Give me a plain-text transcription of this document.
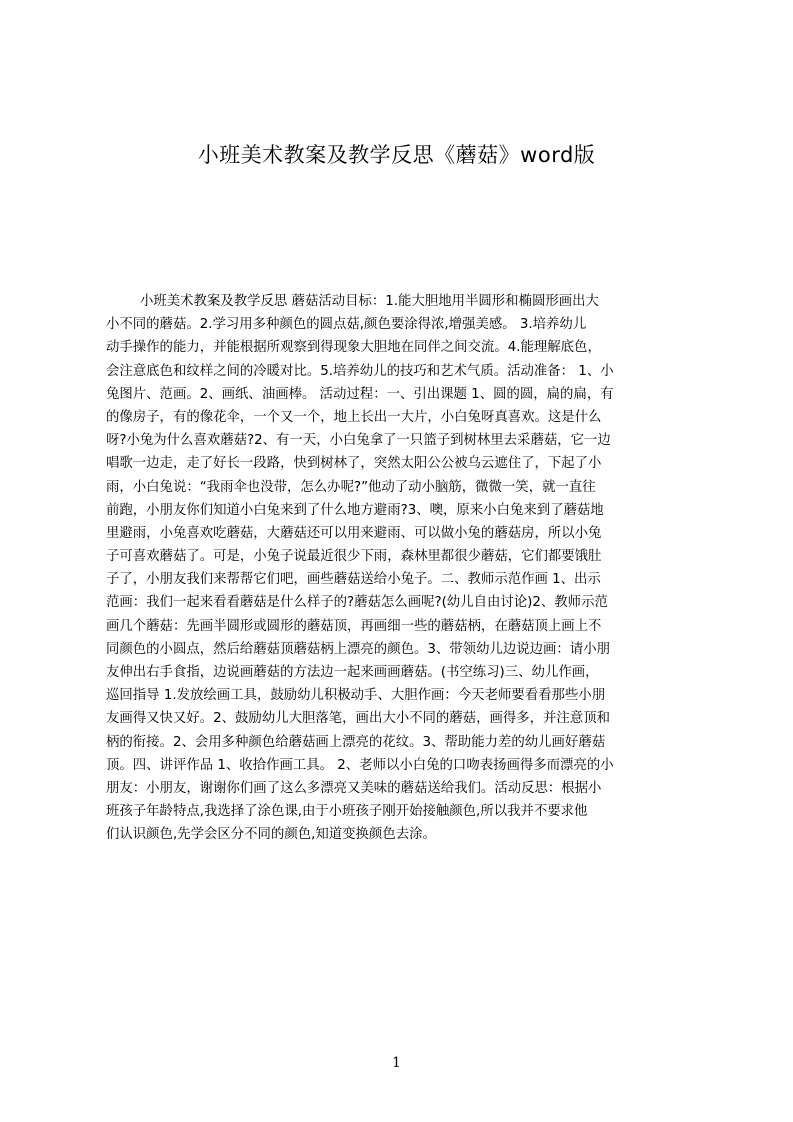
小班美术教案及教学反思《蘑菇》word版
小班美术教案及教学反思 蘑菇活动目标：1.能大胆地用半圆形和椭圆形画出大
小不同的蘑菇。2.学习用多种颜色的圆点菇,颜色要涂得浓,增强美感。 3.培养幼儿
动手操作的能力，并能根据所观察到得现象大胆地在同伴之间交流。4.能理解底色，
会注意底色和纹样之间的冷暖对比。5.培养幼儿的技巧和艺术气质。活动准备： 1、小
兔图片、范画。2、画纸、油画棒。 活动过程：一、引出课题 1、圆的圆，扁的扁，有
的像房子，有的像花伞，一个又一个，地上长出一大片，小白兔呀真喜欢。这是什么
呀?小兔为什么喜欢蘑菇?2、有一天，小白兔拿了一只篮子到树林里去采蘑菇，它一边
唱歌一边走，走了好长一段路，快到树林了，突然太阳公公被乌云遮住了，下起了小
雨，小白兔说：“我雨伞也没带，怎么办呢?”他动了动小脑筋，微微一笑，就一直往
前跑，小朋友你们知道小白兔来到了什么地方避雨?3、噢，原来小白兔来到了蘑菇地
里避雨，小兔喜欢吃蘑菇，大蘑菇还可以用来避雨、可以做小兔的蘑菇房，所以小兔
子可喜欢蘑菇了。可是，小兔子说最近很少下雨，森林里都很少蘑菇，它们都要饿肚
子了，小朋友我们来帮帮它们吧，画些蘑菇送给小兔子。二、教师示范作画 1、出示
范画：我们一起来看看蘑菇是什么样子的?蘑菇怎么画呢?(幼儿自由讨论)2、教师示范
画几个蘑菇：先画半圆形或圆形的蘑菇顶，再画细一些的蘑菇柄，在蘑菇顶上画上不
同颜色的小圆点，然后给蘑菇顶蘑菇柄上漂亮的颜色。3、带领幼儿边说边画：请小朋
友伸出右手食指，边说画蘑菇的方法边一起来画画蘑菇。(书空练习)三、幼儿作画，
巡回指导 1.发放绘画工具，鼓励幼儿积极动手、大胆作画：今天老师要看看那些小朋
友画得又快又好。2、鼓励幼儿大胆落笔，画出大小不同的蘑菇，画得多，并注意顶和
柄的衔接。2、会用多种颜色给蘑菇画上漂亮的花纹。3、帮助能力差的幼儿画好蘑菇
顶。四、讲评作品 1、收拾作画工具。 2、老师以小白兔的口吻表扬画得多而漂亮的小
朋友：小朋友，谢谢你们画了这么多漂亮又美味的蘑菇送给我们。活动反思：根据小
班孩子年龄特点,我选择了涂色课,由于小班孩子刚开始接触颜色,所以我并不要求他
们认识颜色,先学会区分不同的颜色,知道变换颜色去涂。
1
